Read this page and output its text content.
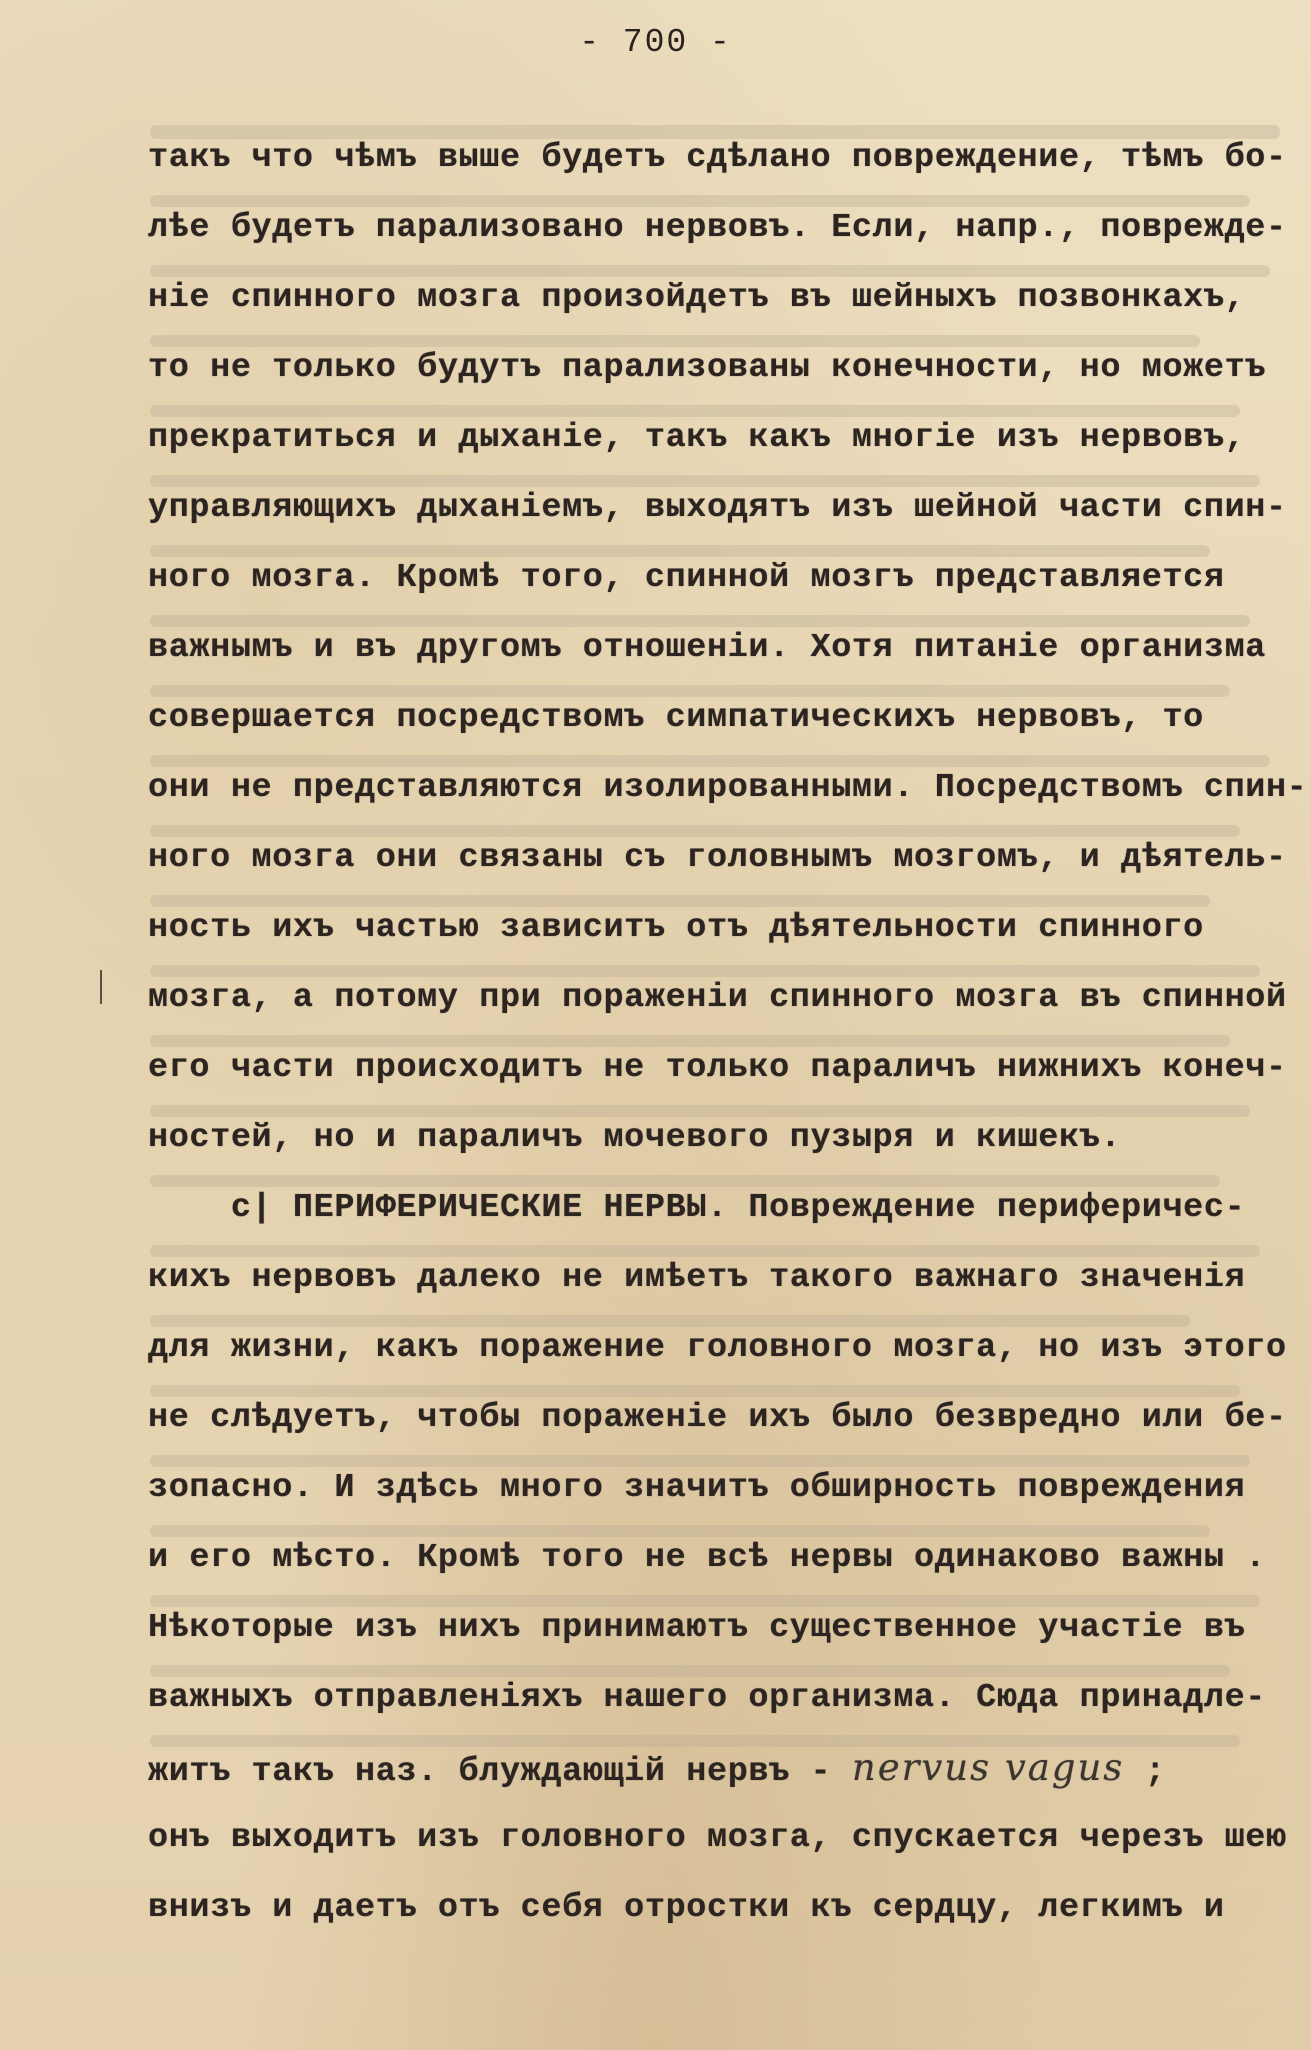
- 700 -
такъ что чѣмъ выше будетъ сдѣлано повреждение, тѣмъ бо-
лѣе будетъ парализовано нервовъ. Если, напр., поврежде-
ніе спинного мозга произойдетъ въ шейныхъ позвонкахъ,
то не только будутъ парализованы конечности, но можетъ
прекратиться и дыханіе, такъ какъ многіе изъ нервовъ,
управляющихъ дыханіемъ, выходятъ изъ шейной части спин-
ного мозга. Кромѣ того, спинной мозгъ представляется
важнымъ и въ другомъ отношеніи. Хотя питаніе организма
совершается посредствомъ симпатическихъ нервовъ, то
они не представляются изолированными. Посредствомъ спин-
ного мозга они связаны съ головнымъ мозгомъ, и дѣятель-
ность ихъ частью зависитъ отъ дѣятельности спинного
мозга, а потому при пораженіи спинного мозга въ спинной
его части происходитъ не только параличъ нижнихъ конеч-
ностей, но и параличъ мочевого пузыря и кишекъ.
с| ПЕРИФЕРИЧЕСКИЕ НЕРВЫ. Повреждение периферичес-
кихъ нервовъ далеко не имѣетъ такого важнаго значенія
для жизни, какъ поражение головного мозга, но изъ этого
не слѣдуетъ, чтобы пораженіе ихъ было безвредно или бе-
зопасно. И здѣсь много значитъ обширность повреждения
и его мѣсто. Кромѣ того не всѣ нервы одинаково важны .
Нѣкоторые изъ нихъ принимаютъ существенное участіе въ
важныхъ отправленіяхъ нашего организма. Сюда принадле-
житъ такъ наз. блуждающій нервъ - nervus vagus ;
онъ выходитъ изъ головного мозга, спускается черезъ шею
внизъ и даетъ отъ себя отростки къ сердцу, легкимъ и
